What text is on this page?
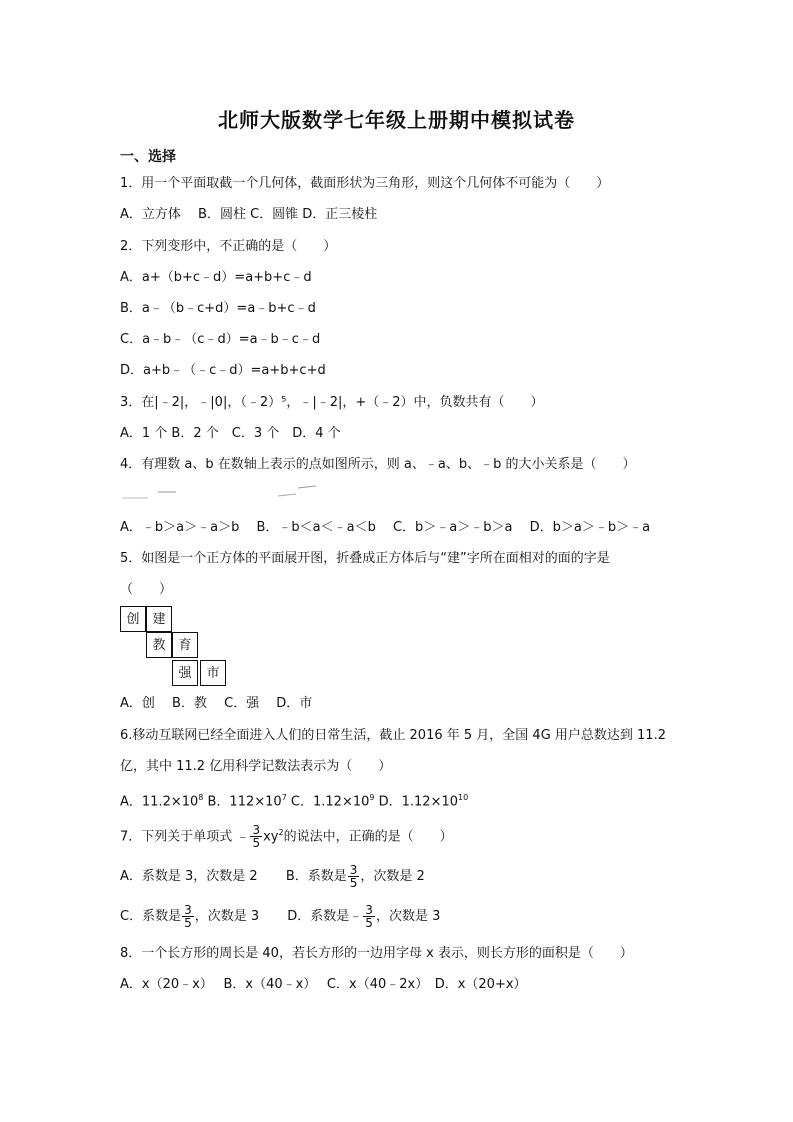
北师大版数学七年级上册期中模拟试卷
一、选择
1．用一个平面取截一个几何体，截面形状为三角形，则这个几何体不可能为（　　）
A．立方体　 B．圆柱 C．圆锥 D．正三棱柱
2．下列变形中，不正确的是（　　）
A．a+（b+c﹣d）=a+b+c﹣d
B．a﹣（b﹣c+d）=a﹣b+c﹣d
C．a﹣b﹣（c﹣d）=a﹣b﹣c﹣d
D．a+b﹣（﹣c﹣d）=a+b+c+d
3．在|﹣2|，﹣|0|，（﹣2）⁵，﹣|﹣2|，+（﹣2）中，负数共有（　　）
A．1 个 B．2 个　C．3 个　D．4 个
4．有理数 a、b 在数轴上表示的点如图所示，则 a、﹣a、b、﹣b 的大小关系是（　　）
A．﹣b＞a＞﹣a＞b　 B．﹣b＜a＜﹣a＜b　 C．b＞﹣a＞﹣b＞a　 D．b＞a＞﹣b＞﹣a
5．如图是一个正方体的平面展开图，折叠成正方体后与“建”字所在面相对的面的字是
（　　）
创 建
教 育
强	市
A．创　 B．教　 C．强　 D．市
6.移动互联网已经全面进入人们的日常生活，截止 2016 年 5 月，全国 4G 用户总数达到 11.2
亿，其中 11.2 亿用科学记数法表示为（　　）
A．$11.2\times 10^8$ B．$112\times 10^7$ C．$1.12\times 10^9$ D．$1.12\times 10^{10}$
7．下列关于单项式 ﹣ $\frac{3}{5} xy^2$的说法中，正确的是（　　）
A．系数是 3，次数是 2 B．系数是 $\frac{3}{5}$ ，次数是 2
C．系数是 $\frac{3}{5}$ ，次数是 3 D．系数是﹣ $\frac{3}{5}$ ，次数是 3
8．一个长方形的周长是 40，若长方形的一边用字母 x 表示，则长方形的面积是（　　）
A．x（20﹣x）　 B．x（40﹣x）　 C．x（40﹣2x）　D．x（20+x）
